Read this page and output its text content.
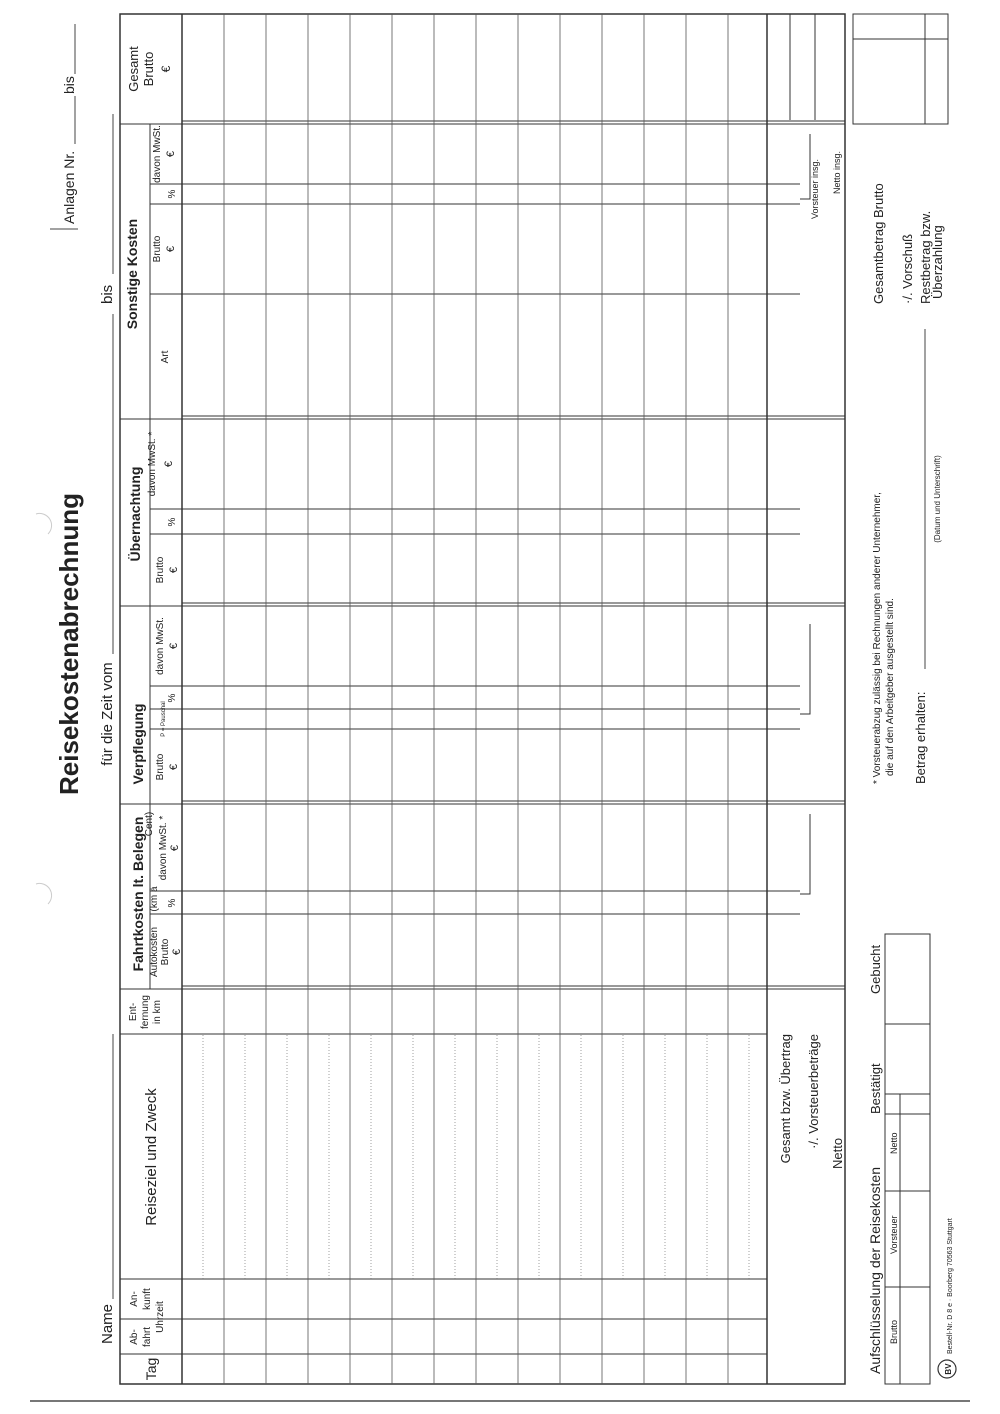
Reisekostenabrechnung für die Zeit vom
bis
Name
Anlagen Nr.
bis
Tag
Ab- fahrt
An- kunft
Uhrzeit
Reiseziel und Zweck
Ent- fernung in km
Fahrtkosten lt. Belegen Autokosten
(km à
Cent)
Brutto €
%
davon MwSt. * €
Verpflegung Brutto €
P = Pauschal
%
davon MwSt. €
Übernachtung
Brutto €
%
davon MwSt. * €
Sonstige Kosten
Art
Brutto €
%
davon MwSt. €
Gesamt Brutto €
Gesamt bzw. Übertrag ·/. Vorsteuerbeträge
Netto
Vorsteuer insg. Netto insg.
Aufschlüsselung der Reisekosten Brutto
Vorsteuer
Netto
Bestätigt
Gebucht
* Vorsteuerabzug zulässig bei Rechnungen anderer Unternehmer, die auf den Arbeitgeber ausgestellt sind. Betrag erhalten:
(Datum und Unterschrift)
Gesamtbetrag Brutto ·/. Vorschuß Restbetrag bzw.
Überzahlung
BV
Bestell-Nr. D 8 e · Boorberg 70563 Stuttgart
